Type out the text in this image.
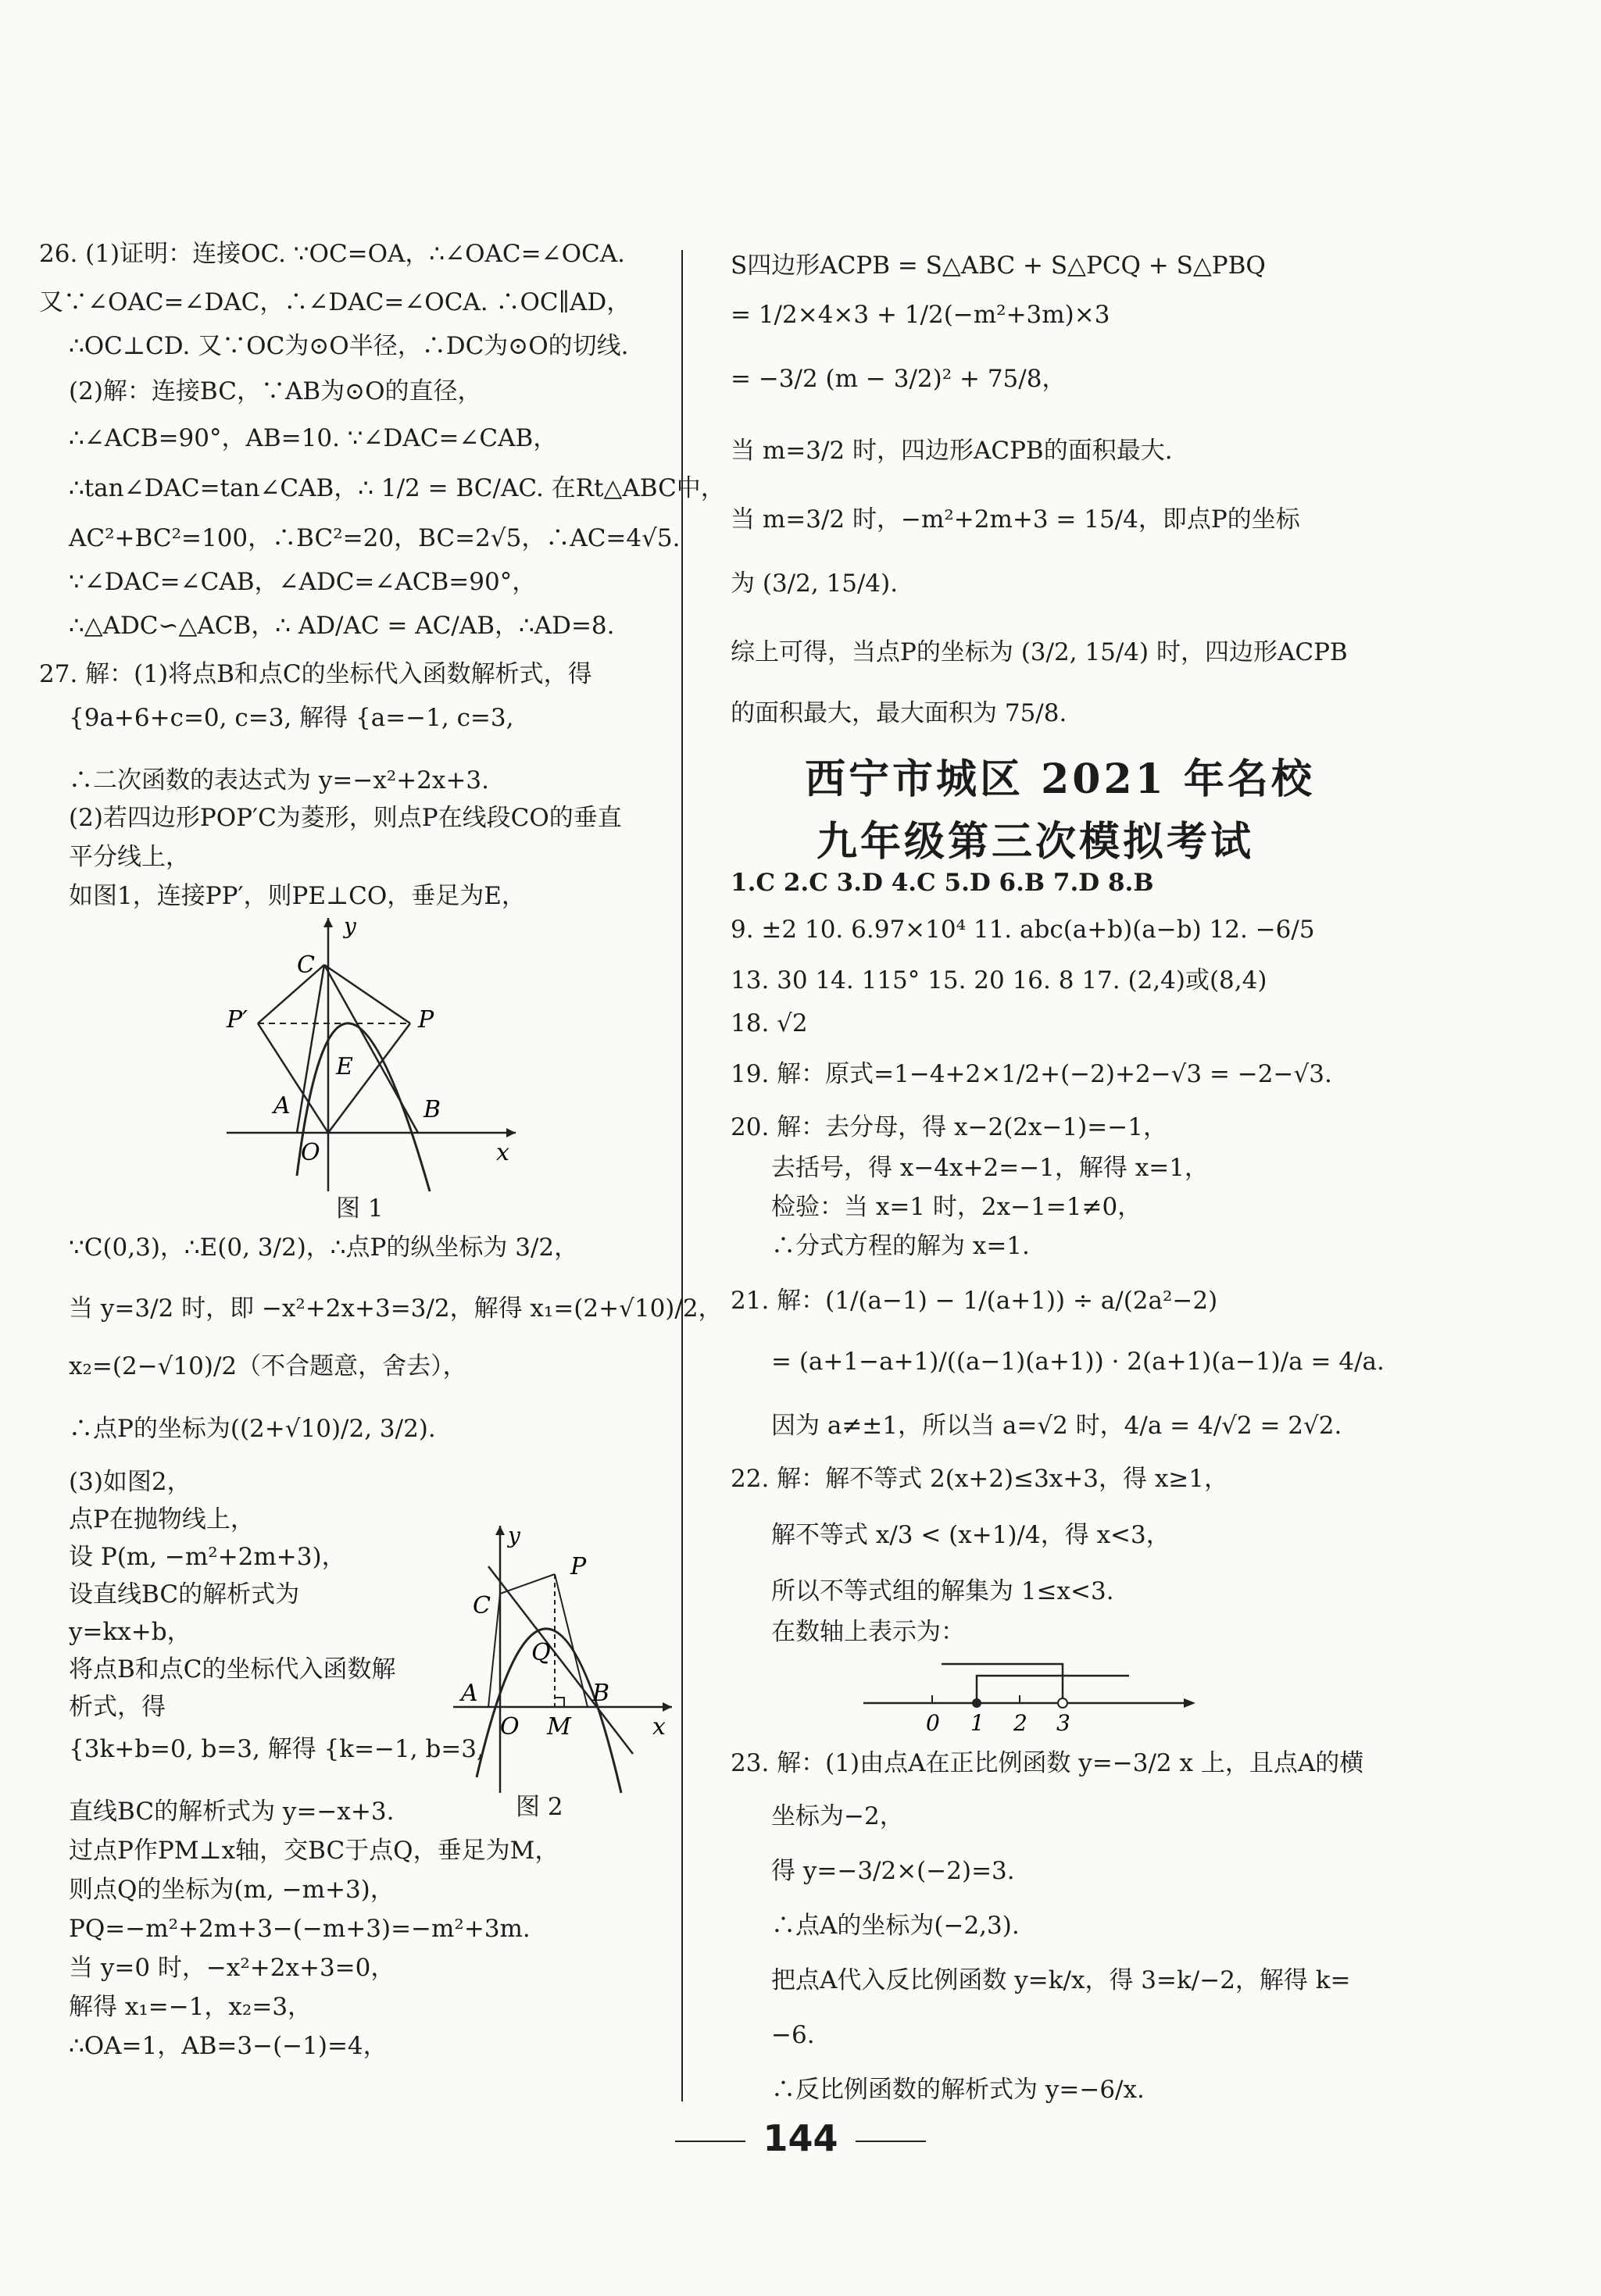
26. (1)证明：连接OC. ∵OC=OA，∴∠OAC=∠OCA.
又∵∠OAC=∠DAC，∴∠DAC=∠OCA. ∴OC∥AD，
∴OC⊥CD. 又∵OC为⊙O半径，∴DC为⊙O的切线.
(2)解：连接BC，∵AB为⊙O的直径，
∴∠ACB=90°，AB=10. ∵∠DAC=∠CAB，
∴tan∠DAC=tan∠CAB，∴ 1/2 = BC/AC. 在Rt△ABC中，
AC²+BC²=100，∴BC²=20，BC=2√5，∴AC=4√5.
∵∠DAC=∠CAB，∠ADC=∠ACB=90°，
∴△ADC∽△ACB，∴ AD/AC = AC/AB，∴AD=8.
27. 解：(1)将点B和点C的坐标代入函数解析式，得
{9a+6+c=0, c=3, 解得 {a=−1, c=3,
∴二次函数的表达式为 y=−x²+2x+3.
(2)若四边形POP′C为菱形，则点P在线段CO的垂直
平分线上，
如图1，连接PP′，则PE⊥CO，垂足为E，
y
C
P′	P
E
A	B
O	x
图 1
∵C(0,3)，∴E(0, 3/2)，∴点P的纵坐标为 3/2，
当 y=3/2 时，即 −x²+2x+3=3/2，解得 x₁=(2+√10)/2，
x₂=(2−√10)/2（不合题意，舍去），
∴点P的坐标为((2+√10)/2, 3/2).
(3)如图2，
点P在抛物线上，
设 P(m, −m²+2m+3)，
设直线BC的解析式为
y=kx+b，
将点B和点C的坐标代入函数解
析式，得
{3k+b=0, b=3, 解得 {k=−1, b=3,
直线BC的解析式为 y=−x+3.
过点P作PM⊥x轴，交BC于点Q，垂足为M，
则点Q的坐标为(m, −m+3)，
PQ=−m²+2m+3−(−m+3)=−m²+3m.
当 y=0 时，−x²+2x+3=0，
解得 x₁=−1，x₂=3，
∴OA=1，AB=3−(−1)=4，
y
P
C
Q
A	B
O M	x
图 2
S四边形ACPB = S△ABC + S△PCQ + S△PBQ
= 1/2×4×3 + 1/2(−m²+3m)×3
= −3/2 (m − 3/2)² + 75/8，
当 m=3/2 时，四边形ACPB的面积最大.
当 m=3/2 时，−m²+2m+3 = 15/4，即点P的坐标
为 (3/2, 15/4).
综上可得，当点P的坐标为 (3/2, 15/4) 时，四边形ACPB
的面积最大，最大面积为 75/8.
西宁市城区 2021 年名校
九年级第三次模拟考试
1.C 2.C 3.D 4.C 5.D 6.B 7.D 8.B
9. ±2 10. 6.97×10⁴ 11. abc(a+b)(a−b) 12. −6/5
13. 30 14. 115° 15. 20 16. 8 17. (2,4)或(8,4)
18. √2
19. 解：原式=1−4+2×1/2+(−2)+2−√3 = −2−√3.
20. 解：去分母，得 x−2(2x−1)=−1，
去括号，得 x−4x+2=−1，解得 x=1，
检验：当 x=1 时，2x−1=1≠0，
∴分式方程的解为 x=1.
21. 解：(1/(a−1) − 1/(a+1)) ÷ a/(2a²−2)
= (a+1−a+1)/((a−1)(a+1)) · 2(a+1)(a−1)/a = 4/a.
因为 a≠±1，所以当 a=√2 时，4/a = 4/√2 = 2√2.
22. 解：解不等式 2(x+2)≤3x+3，得 x≥1，
解不等式 x/3 < (x+1)/4，得 x<3，
所以不等式组的解集为 1≤x<3.
在数轴上表示为：
0 1 2 3
23. 解：(1)由点A在正比例函数 y=−3/2 x 上，且点A的横
坐标为−2，
得 y=−3/2×(−2)=3.
∴点A的坐标为(−2,3).
把点A代入反比例函数 y=k/x，得 3=k/−2，解得 k=
−6.
∴反比例函数的解析式为 y=−6/x.
144
